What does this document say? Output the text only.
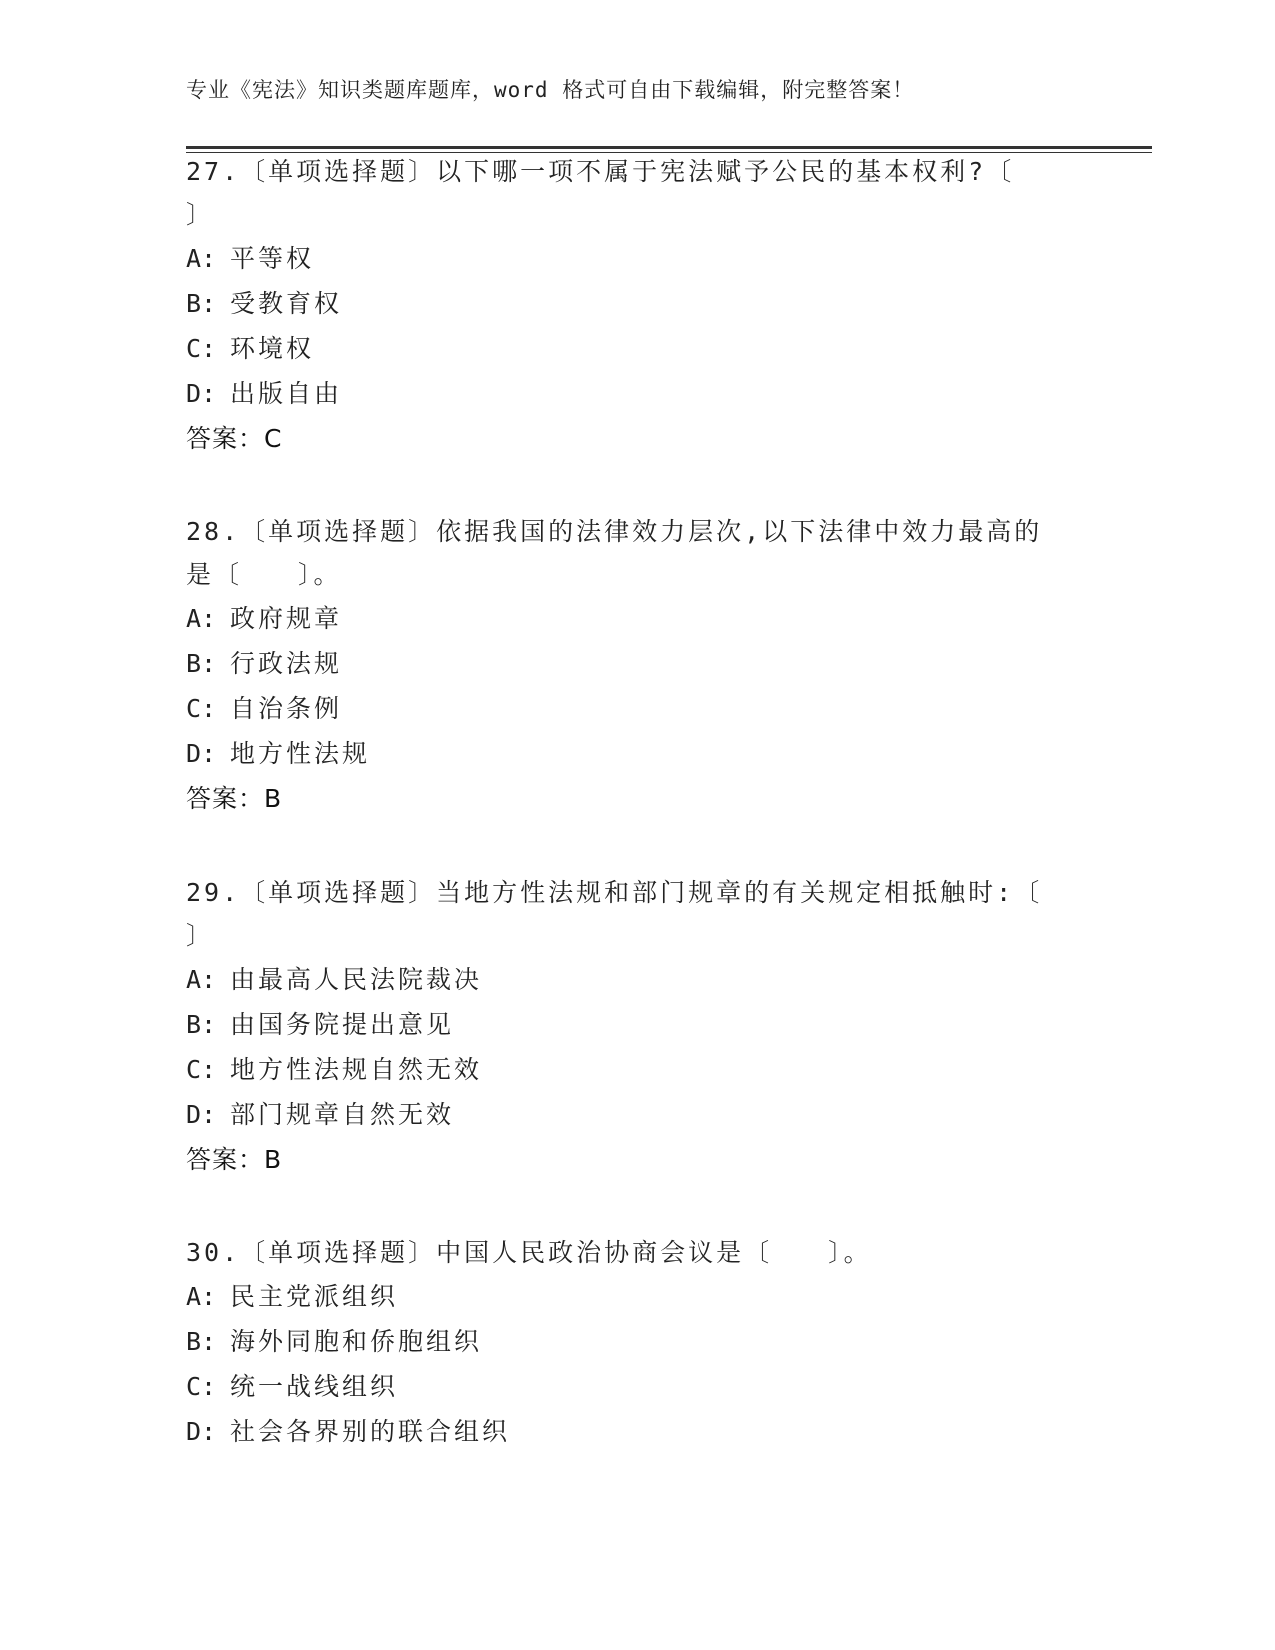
专业《宪法》知识类题库题库，word 格式可自由下载编辑，附完整答案！
27.〔单项选择题〕以下哪一项不属于宪法赋予公民的基本权利?〔
〕
A: 平等权
B: 受教育权
C: 环境权
D: 出版自由
答案：C
28.〔单项选择题〕依据我国的法律效力层次,以下法律中效力最高的
是〔　　〕。
A: 政府规章
B: 行政法规
C: 自治条例
D: 地方性法规
答案：B
29.〔单项选择题〕当地方性法规和部门规章的有关规定相抵触时:〔
〕
A: 由最高人民法院裁决
B: 由国务院提出意见
C: 地方性法规自然无效
D: 部门规章自然无效
答案：B
30.〔单项选择题〕中国人民政治协商会议是〔　　〕。
A: 民主党派组织
B: 海外同胞和侨胞组织
C: 统一战线组织
D: 社会各界别的联合组织
